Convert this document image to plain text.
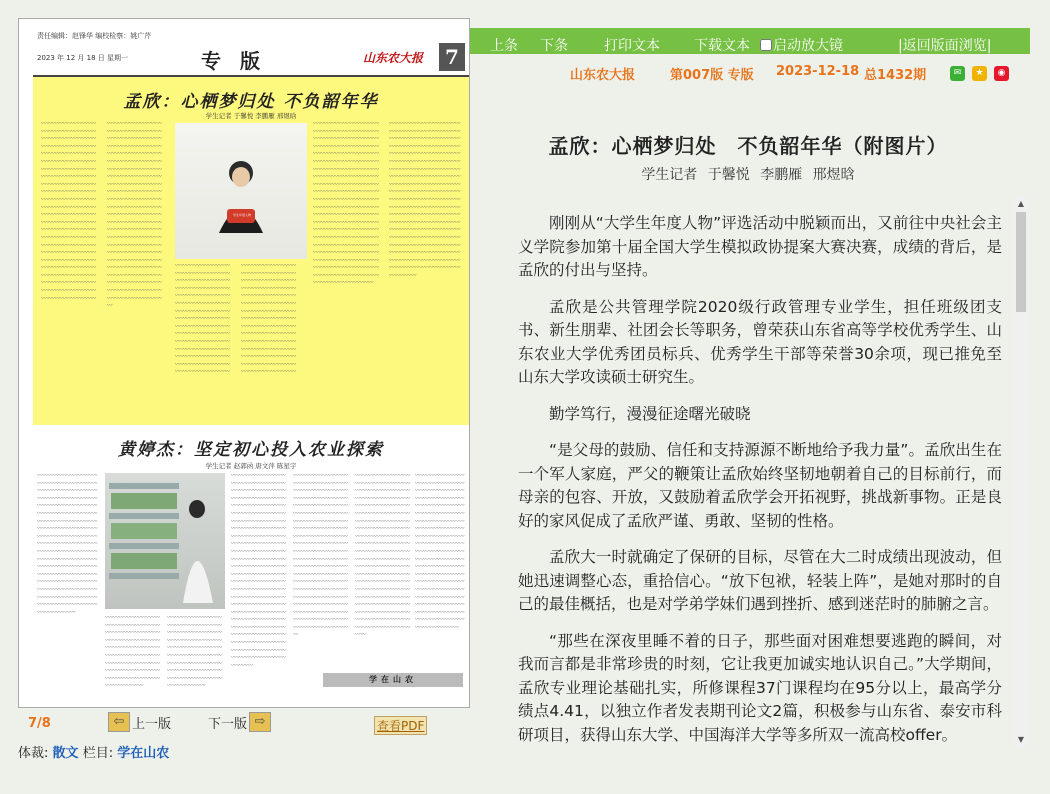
责任编辑：赵锋华 编校检察：姚广芹
2023 年 12 月 18 日 星期一	专 版	山东农大报	7
孟欣：心栖梦归处 不负韶年华
学生记者 于馨悦 李鹏雁 邢煜晗
〰〰〰〰〰〰〰〰〰〰〰〰〰〰〰〰〰〰〰〰〰〰〰〰〰〰〰〰〰〰〰〰〰〰〰〰〰〰〰〰〰〰〰〰〰〰〰〰〰〰〰〰〰〰〰〰〰〰〰〰〰〰〰〰〰〰〰〰〰〰〰〰〰〰〰〰〰〰〰〰〰〰〰〰〰〰〰〰〰〰〰〰〰〰〰〰〰〰〰〰〰〰〰〰〰〰〰〰〰〰〰〰〰〰〰〰〰〰〰〰〰〰〰〰〰〰〰〰〰〰〰〰〰〰〰〰〰〰〰〰〰〰〰〰〰〰〰〰〰〰〰〰〰〰〰〰〰〰〰〰〰〰〰〰〰〰〰〰〰〰〰〰〰〰〰〰〰〰〰〰〰〰〰〰〰〰〰〰〰〰〰〰〰〰〰〰〰〰〰〰〰〰〰〰〰〰〰〰〰〰〰〰〰〰〰〰〰〰〰〰〰〰〰〰〰〰〰〰〰〰〰〰〰〰〰〰〰〰〰〰
〰〰〰〰〰〰〰〰〰〰〰〰〰〰〰〰〰〰〰〰〰〰〰〰〰〰〰〰〰〰〰〰〰〰〰〰〰〰〰〰〰〰〰〰〰〰〰〰〰〰〰〰〰〰〰〰〰〰〰〰〰〰〰〰〰〰〰〰〰〰〰〰〰〰〰〰〰〰〰〰〰〰〰〰〰〰〰〰〰〰〰〰〰〰〰〰〰〰〰〰〰〰〰〰〰〰〰〰〰〰〰〰〰〰〰〰〰〰〰〰〰〰〰〰〰〰〰〰〰〰〰〰〰〰〰〰〰〰〰〰〰〰〰〰〰〰〰〰〰〰〰〰〰〰〰〰〰〰〰〰〰〰〰〰〰〰〰〰〰〰〰〰〰〰〰〰〰〰〰〰〰〰〰〰〰〰〰〰〰〰〰〰〰〰〰〰〰〰〰〰〰〰〰〰〰〰〰〰〰〰〰〰〰〰〰〰〰〰〰〰〰〰〰〰〰〰〰〰〰〰〰〰〰〰〰〰〰〰〰〰〰
学生年度人物
〰〰〰〰〰〰〰〰〰〰〰〰〰〰〰〰〰〰〰〰〰〰〰〰〰〰〰〰〰〰〰〰〰〰〰〰〰〰〰〰〰〰〰〰〰〰〰〰〰〰〰〰〰〰〰〰〰〰〰〰〰〰〰〰〰〰〰〰〰〰〰〰〰〰〰〰〰〰〰〰〰〰〰〰〰〰〰〰〰〰〰〰〰〰〰〰〰〰〰〰〰〰〰〰〰〰〰〰〰〰〰〰〰〰〰〰〰〰〰〰〰〰〰〰〰〰〰〰〰〰〰〰〰〰〰〰〰〰〰〰〰〰〰〰〰〰〰〰〰〰
〰〰〰〰〰〰〰〰〰〰〰〰〰〰〰〰〰〰〰〰〰〰〰〰〰〰〰〰〰〰〰〰〰〰〰〰〰〰〰〰〰〰〰〰〰〰〰〰〰〰〰〰〰〰〰〰〰〰〰〰〰〰〰〰〰〰〰〰〰〰〰〰〰〰〰〰〰〰〰〰〰〰〰〰〰〰〰〰〰〰〰〰〰〰〰〰〰〰〰〰〰〰〰〰〰〰〰〰〰〰〰〰〰〰〰〰〰〰〰〰〰〰〰〰〰〰〰〰〰〰〰〰〰〰〰〰〰〰〰〰〰〰〰〰〰〰〰〰〰〰
〰〰〰〰〰〰〰〰〰〰〰〰〰〰〰〰〰〰〰〰〰〰〰〰〰〰〰〰〰〰〰〰〰〰〰〰〰〰〰〰〰〰〰〰〰〰〰〰〰〰〰〰〰〰〰〰〰〰〰〰〰〰〰〰〰〰〰〰〰〰〰〰〰〰〰〰〰〰〰〰〰〰〰〰〰〰〰〰〰〰〰〰〰〰〰〰〰〰〰〰〰〰〰〰〰〰〰〰〰〰〰〰〰〰〰〰〰〰〰〰〰〰〰〰〰〰〰〰〰〰〰〰〰〰〰〰〰〰〰〰〰〰〰〰〰〰〰〰〰〰〰〰〰〰〰〰〰〰〰〰〰〰〰〰〰〰〰〰〰〰〰〰〰〰〰〰〰〰〰〰〰〰〰〰〰〰〰〰〰〰〰〰〰〰〰〰〰〰〰〰〰〰〰〰〰〰〰〰〰〰〰〰〰〰〰〰〰〰〰〰〰〰〰〰〰〰〰〰〰〰〰〰〰〰〰〰〰〰〰〰〰〰〰〰〰〰〰〰〰〰〰〰〰〰〰〰〰〰〰〰〰〰〰
〰〰〰〰〰〰〰〰〰〰〰〰〰〰〰〰〰〰〰〰〰〰〰〰〰〰〰〰〰〰〰〰〰〰〰〰〰〰〰〰〰〰〰〰〰〰〰〰〰〰〰〰〰〰〰〰〰〰〰〰〰〰〰〰〰〰〰〰〰〰〰〰〰〰〰〰〰〰〰〰〰〰〰〰〰〰〰〰〰〰〰〰〰〰〰〰〰〰〰〰〰〰〰〰〰〰〰〰〰〰〰〰〰〰〰〰〰〰〰〰〰〰〰〰〰〰〰〰〰〰〰〰〰〰〰〰〰〰〰〰〰〰〰〰〰〰〰〰〰〰〰〰〰〰〰〰〰〰〰〰〰〰〰〰〰〰〰〰〰〰〰〰〰〰〰〰〰〰〰〰〰〰〰〰〰〰〰〰〰〰〰〰〰〰〰〰〰〰〰〰〰〰〰〰〰〰〰〰〰〰〰〰〰〰〰〰〰〰〰〰〰〰〰〰〰〰〰〰〰〰〰〰〰〰〰〰〰〰〰〰〰〰〰〰〰〰〰〰〰〰〰〰〰〰〰〰〰〰〰〰〰〰〰〰〰
黄婷杰：坚定初心投入农业探索
学生记者 赵郭函 唐文萍 陈星宇
〰〰〰〰〰〰〰〰〰〰〰〰〰〰〰〰〰〰〰〰〰〰〰〰〰〰〰〰〰〰〰〰〰〰〰〰〰〰〰〰〰〰〰〰〰〰〰〰〰〰〰〰〰〰〰〰〰〰〰〰〰〰〰〰〰〰〰〰〰〰〰〰〰〰〰〰〰〰〰〰〰〰〰〰〰〰〰〰〰〰〰〰〰〰〰〰〰〰〰〰〰〰〰〰〰〰〰〰〰〰〰〰〰〰〰〰〰〰〰〰〰〰〰〰〰〰〰〰〰〰〰〰〰〰〰〰〰〰〰〰〰〰〰〰〰〰〰〰〰〰〰〰〰〰〰〰〰〰〰〰〰〰〰〰〰〰〰〰〰〰〰〰〰〰〰〰〰〰〰〰〰〰〰〰〰〰〰〰〰〰〰〰〰〰〰〰〰〰〰〰〰〰〰〰〰
〰〰〰〰〰〰〰〰〰〰〰〰〰〰〰〰〰〰〰〰〰〰〰〰〰〰〰〰〰〰〰〰〰〰〰〰〰〰〰〰〰〰〰〰〰〰〰〰〰〰〰〰〰〰〰〰〰〰〰〰〰〰〰〰〰〰〰〰〰〰〰〰〰〰〰〰〰〰〰〰〰〰〰〰〰〰〰〰〰〰〰〰〰〰〰〰〰
〰〰〰〰〰〰〰〰〰〰〰〰〰〰〰〰〰〰〰〰〰〰〰〰〰〰〰〰〰〰〰〰〰〰〰〰〰〰〰〰〰〰〰〰〰〰〰〰〰〰〰〰〰〰〰〰〰〰〰〰〰〰〰〰〰〰〰〰〰〰〰〰〰〰〰〰〰〰〰〰〰〰〰〰〰〰〰〰〰〰〰〰〰〰〰〰〰
〰〰〰〰〰〰〰〰〰〰〰〰〰〰〰〰〰〰〰〰〰〰〰〰〰〰〰〰〰〰〰〰〰〰〰〰〰〰〰〰〰〰〰〰〰〰〰〰〰〰〰〰〰〰〰〰〰〰〰〰〰〰〰〰〰〰〰〰〰〰〰〰〰〰〰〰〰〰〰〰〰〰〰〰〰〰〰〰〰〰〰〰〰〰〰〰〰〰〰〰〰〰〰〰〰〰〰〰〰〰〰〰〰〰〰〰〰〰〰〰〰〰〰〰〰〰〰〰〰〰〰〰〰〰〰〰〰〰〰〰〰〰〰〰〰〰〰〰〰〰〰〰〰〰〰〰〰〰〰〰〰〰〰〰〰〰〰〰〰〰〰〰〰〰〰〰〰〰〰〰〰〰〰〰〰〰〰〰〰〰〰〰〰〰〰〰〰〰〰〰〰〰〰〰〰〰〰〰〰〰〰〰〰〰〰〰〰〰〰〰〰〰〰〰〰〰〰〰〰〰〰〰〰〰〰〰〰〰〰〰〰〰〰〰〰〰〰〰〰〰〰〰〰〰
〰〰〰〰〰〰〰〰〰〰〰〰〰〰〰〰〰〰〰〰〰〰〰〰〰〰〰〰〰〰〰〰〰〰〰〰〰〰〰〰〰〰〰〰〰〰〰〰〰〰〰〰〰〰〰〰〰〰〰〰〰〰〰〰〰〰〰〰〰〰〰〰〰〰〰〰〰〰〰〰〰〰〰〰〰〰〰〰〰〰〰〰〰〰〰〰〰〰〰〰〰〰〰〰〰〰〰〰〰〰〰〰〰〰〰〰〰〰〰〰〰〰〰〰〰〰〰〰〰〰〰〰〰〰〰〰〰〰〰〰〰〰〰〰〰〰〰〰〰〰〰〰〰〰〰〰〰〰〰〰〰〰〰〰〰〰〰〰〰〰〰〰〰〰〰〰〰〰〰〰〰〰〰〰〰〰〰〰〰〰〰〰〰〰〰〰〰〰〰〰〰〰〰〰〰〰〰〰〰〰〰
〰〰〰〰〰〰〰〰〰〰〰〰〰〰〰〰〰〰〰〰〰〰〰〰〰〰〰〰〰〰〰〰〰〰〰〰〰〰〰〰〰〰〰〰〰〰〰〰〰〰〰〰〰〰〰〰〰〰〰〰〰〰〰〰〰〰〰〰〰〰〰〰〰〰〰〰〰〰〰〰〰〰〰〰〰〰〰〰〰〰〰〰〰〰〰〰〰〰〰〰〰〰〰〰〰〰〰〰〰〰〰〰〰〰〰〰〰〰〰〰〰〰〰〰〰〰〰〰〰〰〰〰〰〰〰〰〰〰〰〰〰〰〰〰〰〰〰〰〰〰〰〰〰〰〰〰〰〰〰〰〰〰〰〰〰〰〰〰〰〰〰〰〰〰〰〰〰〰〰〰〰〰〰〰〰〰〰〰〰〰〰〰〰〰〰〰〰〰〰〰〰〰〰〰〰〰〰〰〰〰〰〰
〰〰〰〰〰〰〰〰〰〰〰〰〰〰〰〰〰〰〰〰〰〰〰〰〰〰〰〰〰〰〰〰〰〰〰〰〰〰〰〰〰〰〰〰〰〰〰〰〰〰〰〰〰〰〰〰〰〰〰〰〰〰〰〰〰〰〰〰〰〰〰〰〰〰〰〰〰〰〰〰〰〰〰〰〰〰〰〰〰〰〰〰〰〰〰〰〰〰〰〰〰〰〰〰〰〰〰〰〰〰〰〰〰〰〰〰〰〰〰〰〰〰〰〰〰〰〰〰〰〰〰〰〰〰〰〰〰〰〰〰〰〰〰〰〰〰〰〰〰〰〰〰〰〰〰〰〰〰〰〰〰〰〰〰〰〰〰〰〰〰〰〰〰〰〰〰〰〰〰〰〰〰〰〰〰〰〰〰
学在山农
7/8	⇦ 上一版	下一版 ⇨	查看PDF
体裁: 散文 栏目: 学在山农
上条 下条	打印文本 下载文本 启动放大镜	|返回版面浏览|
山东农大报	第007版 专版 2023-12-18 总1432期	✉	★	◉
孟欣：心栖梦归处　不负韶年华（附图片）
学生记者 于馨悦 李鹏雁 邢煜晗

刚刚从“大学生年度人物”评选活动中脱颖而出，又前往中央社会主义学院参加第十届全国大学生模拟政协提案大赛决赛，成绩的背后，是孟欣的付出与坚持。

孟欣是公共管理学院2020级行政管理专业学生，担任班级团支书、新生朋辈、社团会长等职务，曾荣获山东省高等学校优秀学生、山东农业大学优秀团员标兵、优秀学生干部等荣誉30余项，现已推免至山东大学攻读硕士研究生。

勤学笃行，漫漫征途曙光破晓

“是父母的鼓励、信任和支持源源不断地给予我力量”。孟欣出生在一个军人家庭，严父的鞭策让孟欣始终坚韧地朝着自己的目标前行，而母亲的包容、开放，又鼓励着孟欣学会开拓视野，挑战新事物。正是良好的家风促成了孟欣严谨、勇敢、坚韧的性格。

孟欣大一时就确定了保研的目标，尽管在大二时成绩出现波动，但她迅速调整心态，重拾信心。“放下包袱，轻装上阵”，是她对那时的自己的最佳概括，也是对学弟学妹们遇到挫折、感到迷茫时的肺腑之言。

“那些在深夜里睡不着的日子，那些面对困难想要逃跑的瞬间，对我而言都是非常珍贵的时刻，它让我更加诚实地认识自己。”大学期间，孟欣专业理论基础扎实，所修课程37门课程均在95分以上，最高学分绩点4.41，以独立作者发表期刊论文2篇，积极参与山东省、泰安市科研项目，获得山东大学、中国海洋大学等多所双一流高校offer。

▲
▼
